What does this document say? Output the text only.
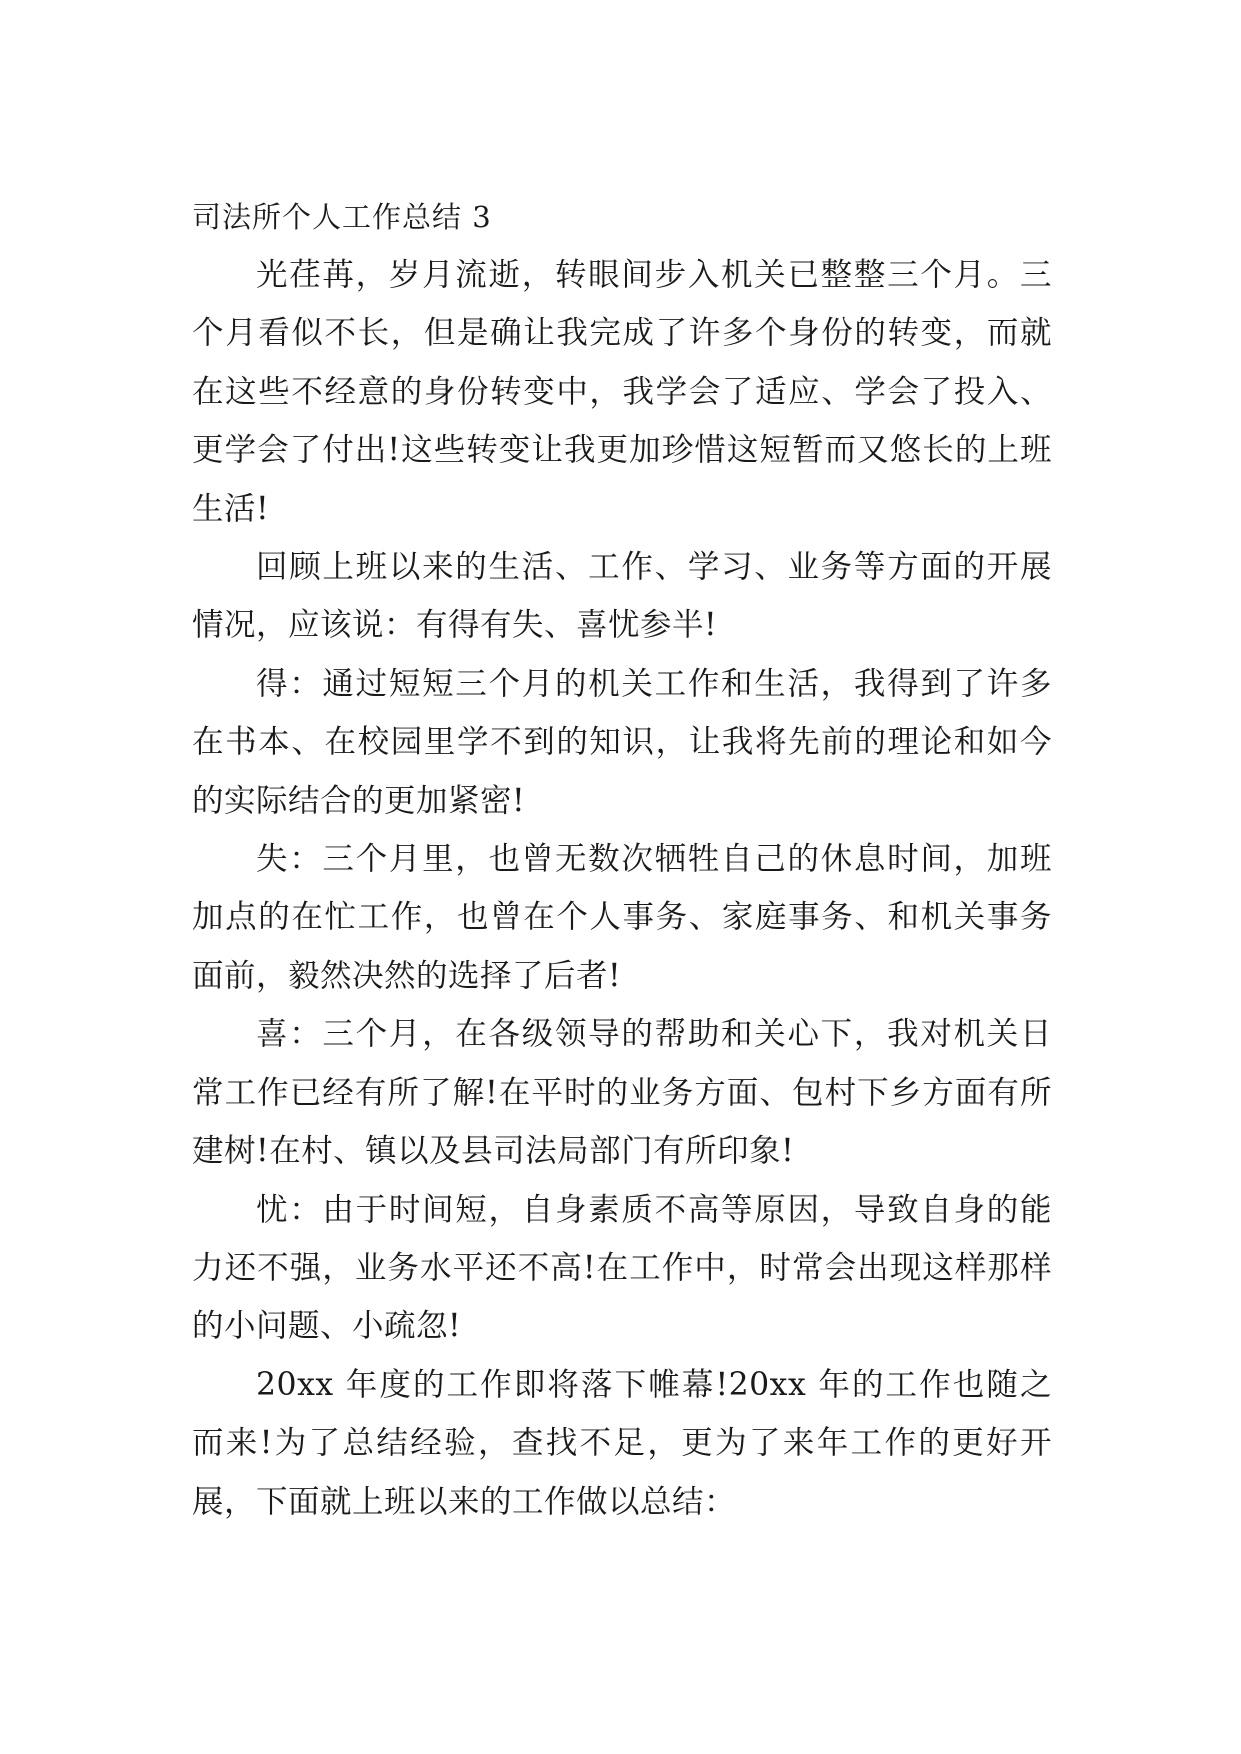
司法所个人工作总结 3

光荏苒，岁月流逝，转眼间步入机关已整整三个月。三个月看似不长，但是确让我完成了许多个身份的转变，而就在这些不经意的身份转变中，我学会了适应、学会了投入、更学会了付出!这些转变让我更加珍惜这短暂而又悠长的上班生活!

回顾上班以来的生活、工作、学习、业务等方面的开展情况，应该说：有得有失、喜忧参半!

得：通过短短三个月的机关工作和生活，我得到了许多在书本、在校园里学不到的知识，让我将先前的理论和如今的实际结合的更加紧密!

失：三个月里，也曾无数次牺牲自己的休息时间，加班加点的在忙工作，也曾在个人事务、家庭事务、和机关事务面前，毅然决然的选择了后者!

喜：三个月，在各级领导的帮助和关心下，我对机关日常工作已经有所了解!在平时的业务方面、包村下乡方面有所建树!在村、镇以及县司法局部门有所印象!

忧：由于时间短，自身素质不高等原因，导致自身的能力还不强，业务水平还不高!在工作中，时常会出现这样那样的小问题、小疏忽!

20xx 年度的工作即将落下帷幕!20xx 年的工作也随之而来!为了总结经验，查找不足，更为了来年工作的更好开展，下面就上班以来的工作做以总结：
